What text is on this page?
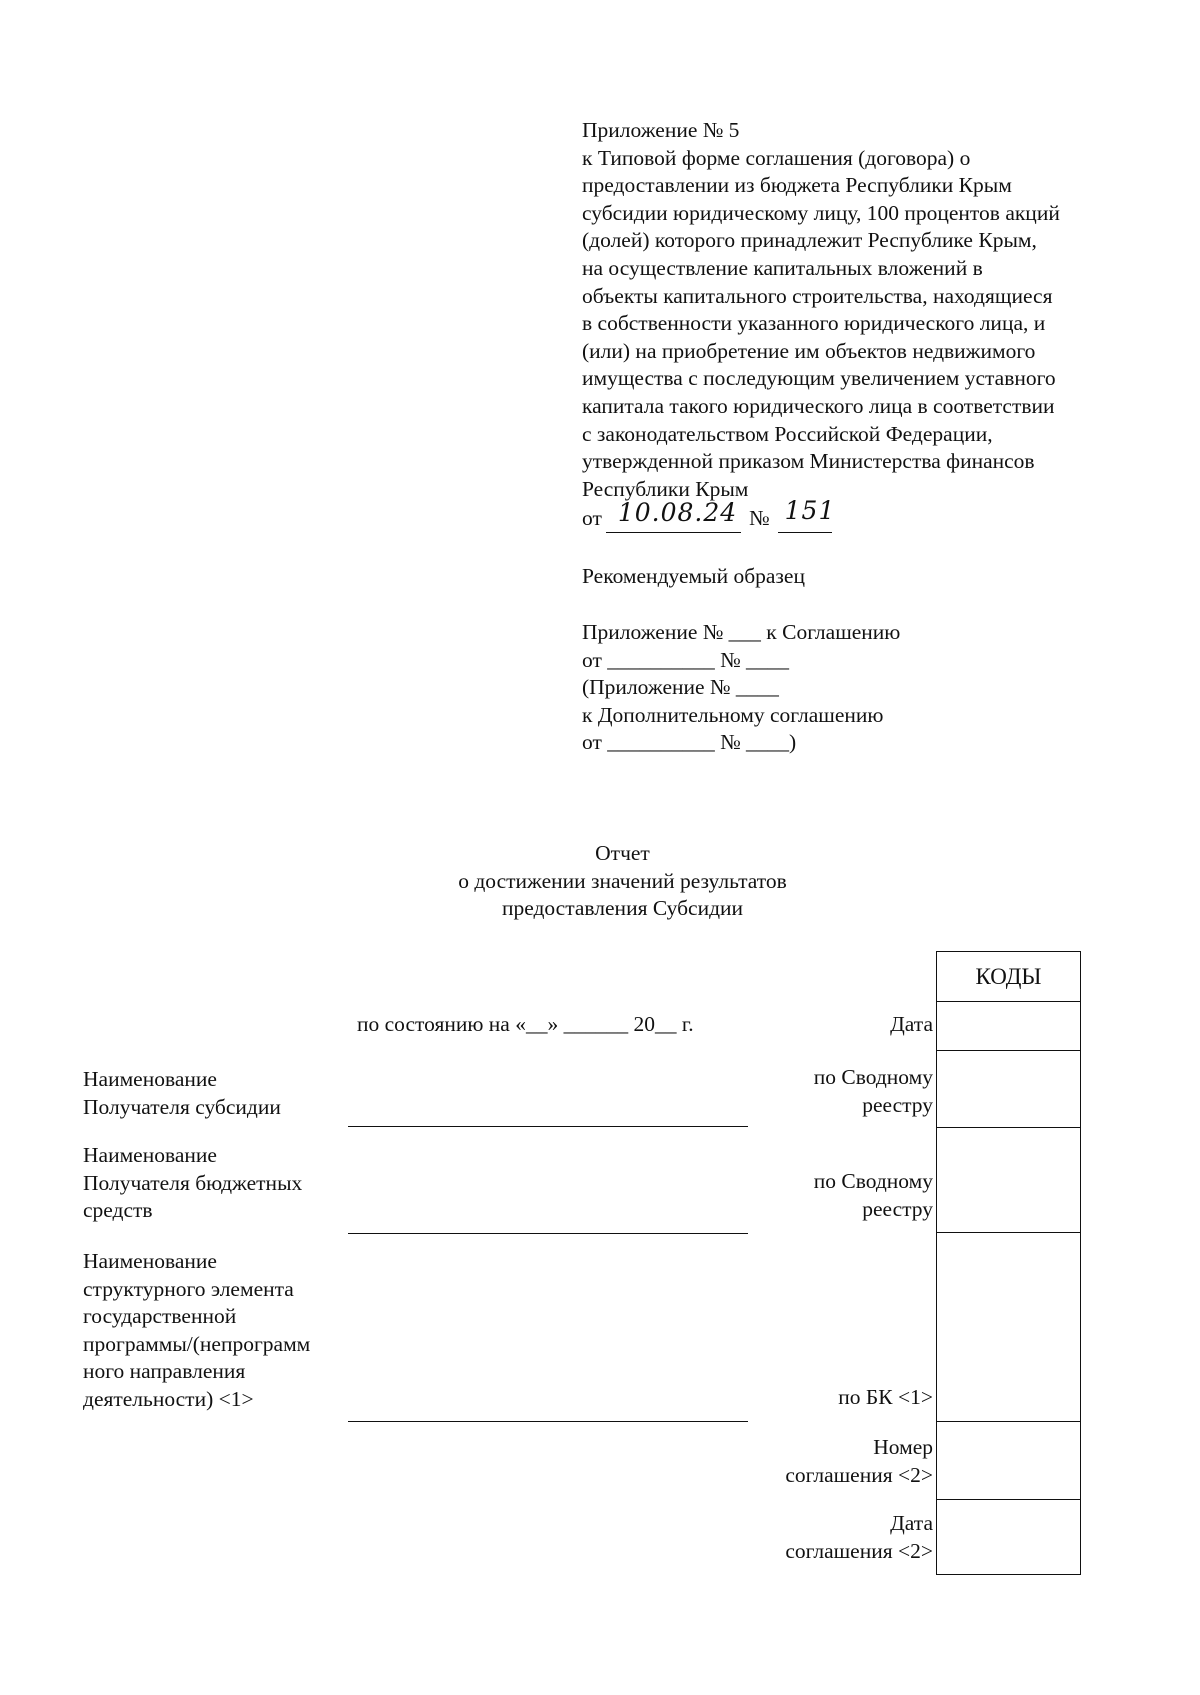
Приложение № 5
к Типовой форме соглашения (договора) о
предоставлении из бюджета Республики Крым
субсидии юридическому лицу, 100 процентов акций
(долей) которого принадлежит Республике Крым,
на осуществление капитальных вложений в
объекты капитального строительства, находящиеся
в собственности указанного юридического лица, и
(или) на приобретение им объектов недвижимого
имущества с последующим увеличением уставного
капитала такого юридического лица в соответствии
с законодательством Российской Федерации,
утвержденной приказом Министерства финансов
Республики Крым
от 10.08.24 № 151
Рекомендуемый образец
Приложение № ___ к Соглашению
от __________ № ____
(Приложение № ____
к Дополнительному соглашению
от __________ № ____)
Отчет
о достижении значений результатов
предоставления Субсидии
по состоянию на «__» ______ 20__ г.
Наименование
Получателя субсидии
Наименование
Получателя бюджетных
средств
Наименование
структурного элемента
государственной
программы/(непрограмм
ного направления
деятельности) <1>
Дата
по Сводному
реестру
по Сводному
реестру
по БК <1>
Номер
соглашения <2>
Дата
соглашения <2>
КОДЫ
